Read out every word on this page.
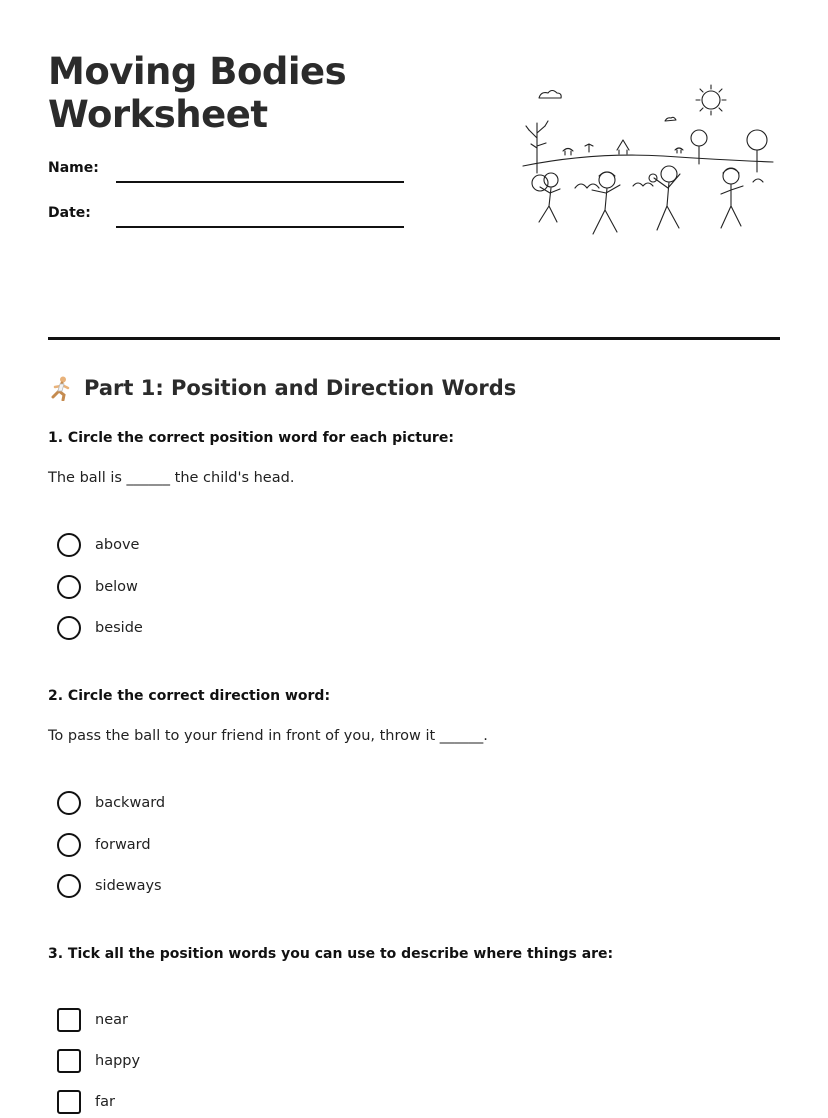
Moving Bodies
Worksheet
Name:
Date:
Part 1: Position and Direction Words
1. Circle the correct position word for each picture:
The ball is ______ the child's head.
above
below
beside
2. Circle the correct direction word:
To pass the ball to your friend in front of you, throw it ______.
backward
forward
sideways
3. Tick all the position words you can use to describe where things are:
near
happy
far
